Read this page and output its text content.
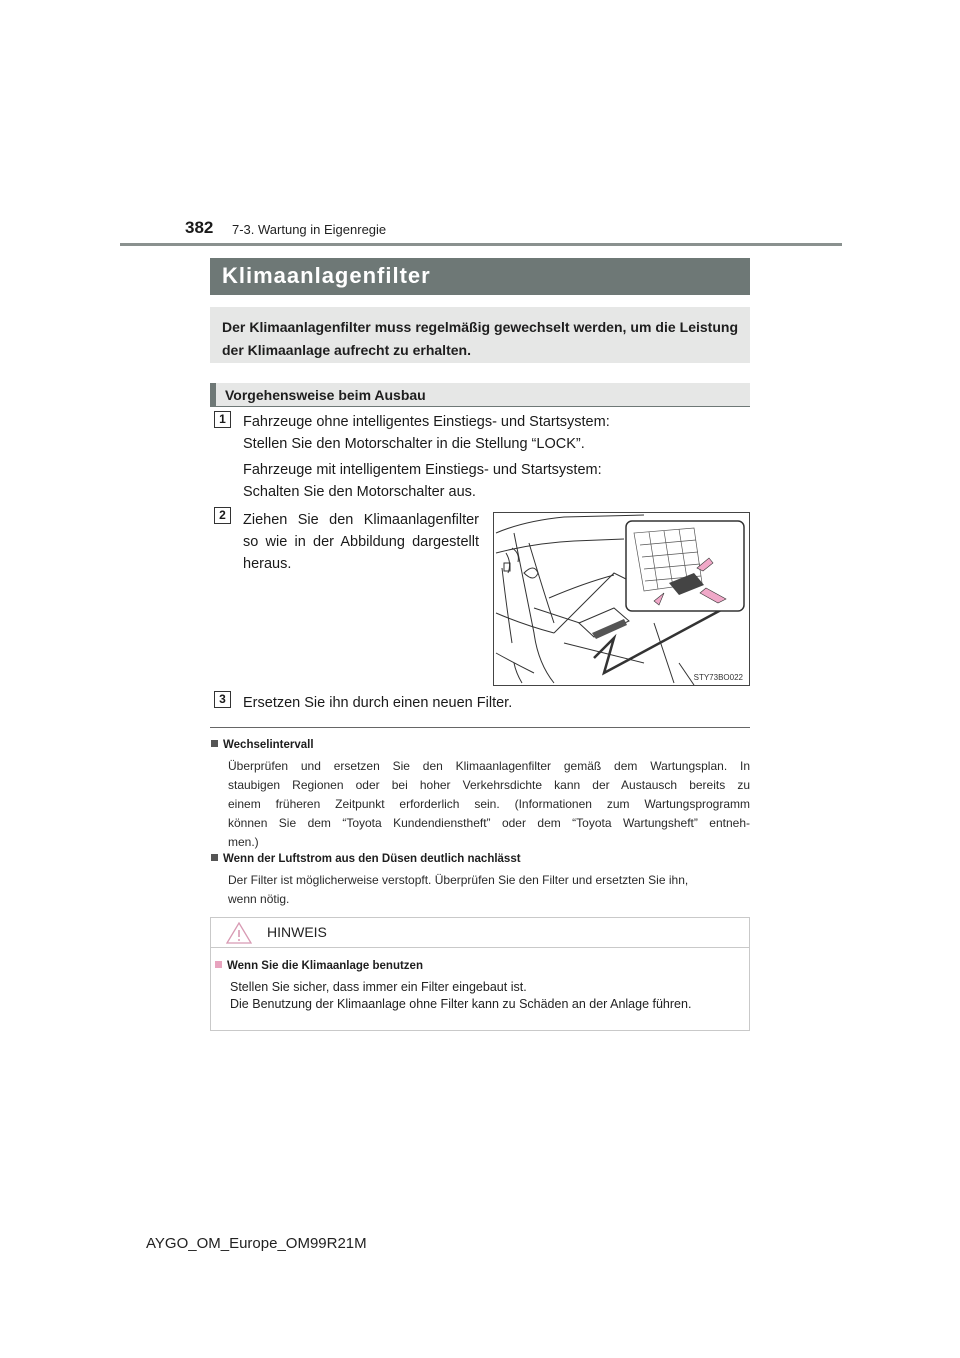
382 7-3. Wartung in Eigenregie
Klimaanlagenfilter
Der Klimaanlagenfilter muss regelmäßig gewechselt werden, um die Leistung der Klimaanlage aufrecht zu erhalten.
Vorgehensweise beim Ausbau
1	Fahrzeuge ohne intelligentes Einstiegs- und Startsystem:
Stellen Sie den Motorschalter in die Stellung “LOCK”.
Fahrzeuge mit intelligentem Einstiegs- und Startsystem:
Schalten Sie den Motorschalter aus.
2	Ziehen Sie den Klimaanlagenfilter
so wie in der Abbildung dargestellt
heraus.
STY73BO022
3	Ersetzen Sie ihn durch einen neuen Filter.
Wechselintervall
Überprüfen und ersetzen Sie den Klimaanlagenfilter gemäß dem Wartungsplan. In
staubigen Regionen oder bei hoher Verkehrsdichte kann der Austausch bereits zu
einem früheren Zeitpunkt erforderlich sein. (Informationen zum Wartungsprogramm
können Sie dem “Toyota Kundendienstheft” oder dem “Toyota Wartungsheft” entneh-
men.)
Wenn der Luftstrom aus den Düsen deutlich nachlässt
Der Filter ist möglicherweise verstopft. Überprüfen Sie den Filter und ersetzten Sie ihn,
wenn nötig.
HINWEIS
Wenn Sie die Klimaanlage benutzen
Stellen Sie sicher, dass immer ein Filter eingebaut ist.
Die Benutzung der Klimaanlage ohne Filter kann zu Schäden an der Anlage führen.
AYGO_OM_Europe_OM99R21M
